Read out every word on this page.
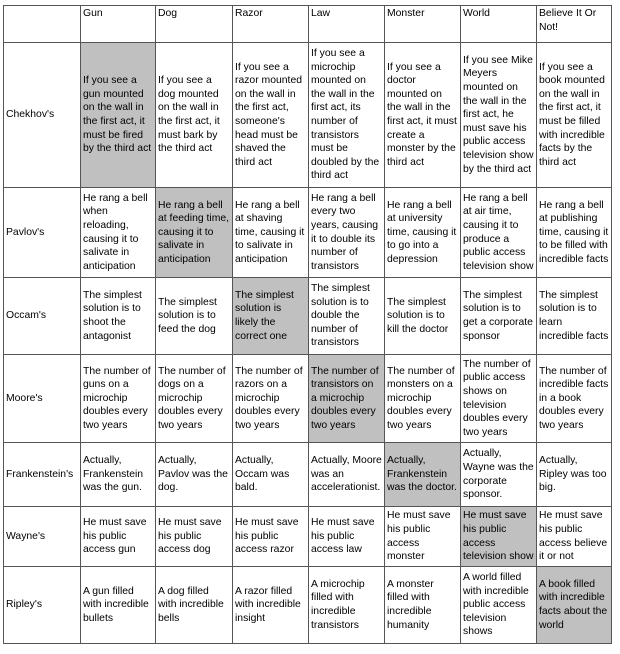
	Gun	Dog	Razor	Law	Monster	World	Believe It Or Not!
Chekhov's	If you see a gun mounted on the wall in the first act, it must be fired by the third act	If you see a dog mounted on the wall in the first act, it must bark by the third act	If you see a razor mounted on the wall in the first act, someone's head must be shaved the third act	If you see a microchip mounted on the wall in the first act, its number of transistors must be doubled by the third act	If you see a doctor mounted on the wall in the first act, it must create a monster by the third act	If you see Mike Meyers mounted on the wall in the first act, he must save his public access television show by the third act	If you see a book mounted on the wall in the first act, it must be filled with incredible facts by the third act
Pavlov's	He rang a bell when reloading, causing it to salivate in anticipation	He rang a bell at feeding time, causing it to salivate in anticipation	He rang a bell at shaving time, causing it to salivate in anticipation	He rang a bell every two years, causing it to double its number of transistors	He rang a bell at university time, causing it to go into a depression	He rang a bell at air time, causing it to produce a public access television show	He rang a bell at publishing time, causing it to be filled with incredible facts
Occam's	The simplest solution is to shoot the antagonist	The simplest solution is to feed the dog	The simplest solution is likely the correct one	The simplest solution is to double the number of transistors	The simplest solution is to kill the doctor	The simplest solution is to get a corporate sponsor	The simplest solution is to learn incredible facts
Moore's	The number of guns on a microchip doubles every two years	The number of dogs on a microchip doubles every two years	The number of razors on a microchip doubles every two years	The number of transistors on a microchip doubles every two years	The number of monsters on a microchip doubles every two years	The number of public access shows on television doubles every two years	The number of incredible facts in a book doubles every two years
Frankenstein's	Actually, Frankenstein was the gun.	Actually, Pavlov was the dog.	Actually, Occam was bald.	Actually, Moore was an accelerationist.	Actually, Frankenstein was the doctor.	Actually, Wayne was the corporate sponsor.	Actually, Ripley was too big.
Wayne's	He must save his public access gun	He must save his public access dog	He must save his public access razor	He must save his public access law	He must save his public access monster	He must save his public access television show	He must save his public access believe it or not
Ripley's	A gun filled with incredible bullets	A dog filled with incredible bells	A razor filled with incredible insight	A microchip filled with incredible transistors	A monster filled with incredible humanity	A world filled with incredible public access television shows	A book filled with incredible facts about the world
